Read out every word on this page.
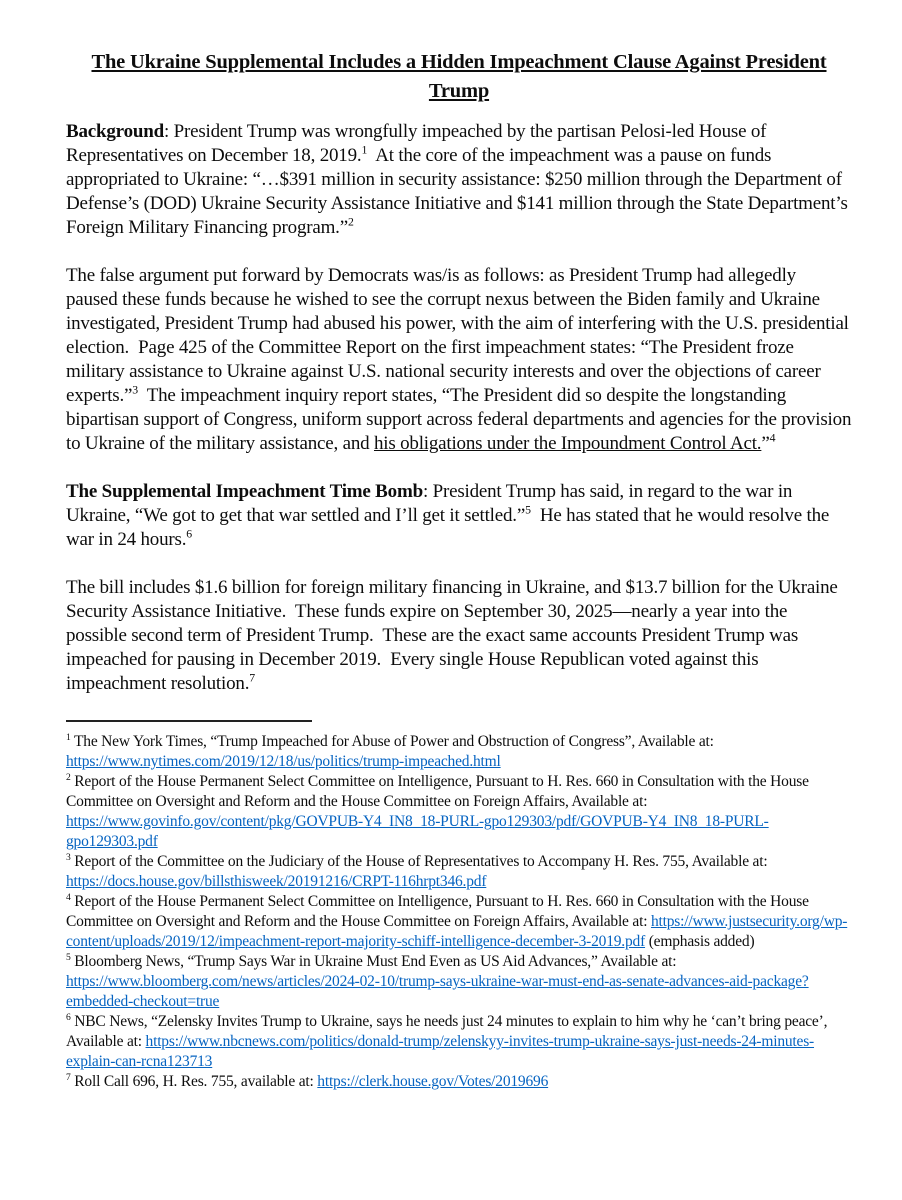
The Ukraine Supplemental Includes a Hidden Impeachment Clause Against President
Trump

Background: President Trump was wrongfully impeached by the partisan Pelosi-led House of Representatives on December 18, 2019.$^1$  At the core of the impeachment was a pause on funds appropriated to Ukraine: “…$391 million in security assistance: $250 million through the Department of Defense’s (DOD) Ukraine Security Assistance Initiative and $141 million through the State Department’s Foreign Military Financing program.”$^2$

The false argument put forward by Democrats was/is as follows: as President Trump had allegedly paused these funds because he wished to see the corrupt nexus between the Biden family and Ukraine investigated, President Trump had abused his power, with the aim of interfering with the U.S. presidential election.  Page 425 of the Committee Report on the first impeachment states: “The President froze military assistance to Ukraine against U.S. national security interests and over the objections of career experts.”$^3$  The impeachment inquiry report states, “The President did so despite the longstanding bipartisan support of Congress, uniform support across federal departments and agencies for the provision to Ukraine of the military assistance, and his obligations under the Impoundment Control Act.”$^4$

The Supplemental Impeachment Time Bomb: President Trump has said, in regard to the war in Ukraine, “We got to get that war settled and I’ll get it settled.”$^5$  He has stated that he would resolve the war in 24 hours.$^6$

The bill includes $1.6 billion for foreign military financing in Ukraine, and $13.7 billion for the Ukraine Security Assistance Initiative.  These funds expire on September 30, 2025—nearly a year into the possible second term of President Trump.  These are the exact same accounts President Trump was impeached for pausing in December 2019.  Every single House Republican voted against this impeachment resolution.$^7$

$^1$ The New York Times, “Trump Impeached for Abuse of Power and Obstruction of Congress”, Available at: https://www.nytimes.com/2019/12/18/us/politics/trump-impeached.html
$^2$ Report of the House Permanent Select Committee on Intelligence, Pursuant to H. Res. 660 in Consultation with the House Committee on Oversight and Reform and the House Committee on Foreign Affairs, Available at: https://www.govinfo.gov/content/pkg/GOVPUB-Y4_IN8_18-PURL-gpo129303/pdf/GOVPUB-Y4_IN8_18-PURL-gpo129303.pdf
$^3$ Report of the Committee on the Judiciary of the House of Representatives to Accompany H. Res. 755, Available at: https://docs.house.gov/billsthisweek/20191216/CRPT-116hrpt346.pdf
$^4$ Report of the House Permanent Select Committee on Intelligence, Pursuant to H. Res. 660 in Consultation with the House Committee on Oversight and Reform and the House Committee on Foreign Affairs, Available at: https://www.justsecurity.org/wp-content/uploads/2019/12/impeachment-report-majority-schiff-intelligence-december-3-2019.pdf (emphasis added)
$^5$ Bloomberg News, “Trump Says War in Ukraine Must End Even as US Aid Advances,” Available at: https://www.bloomberg.com/news/articles/2024-02-10/trump-says-ukraine-war-must-end-as-senate-advances-aid-package?embedded-checkout=true
$^6$ NBC News, “Zelensky Invites Trump to Ukraine, says he needs just 24 minutes to explain to him why he ‘can’t bring peace’, Available at: https://www.nbcnews.com/politics/donald-trump/zelenskyy-invites-trump-ukraine-says-just-needs-24-minutes-explain-can-rcna123713
$^7$ Roll Call 696, H. Res. 755, available at: https://clerk.house.gov/Votes/2019696
